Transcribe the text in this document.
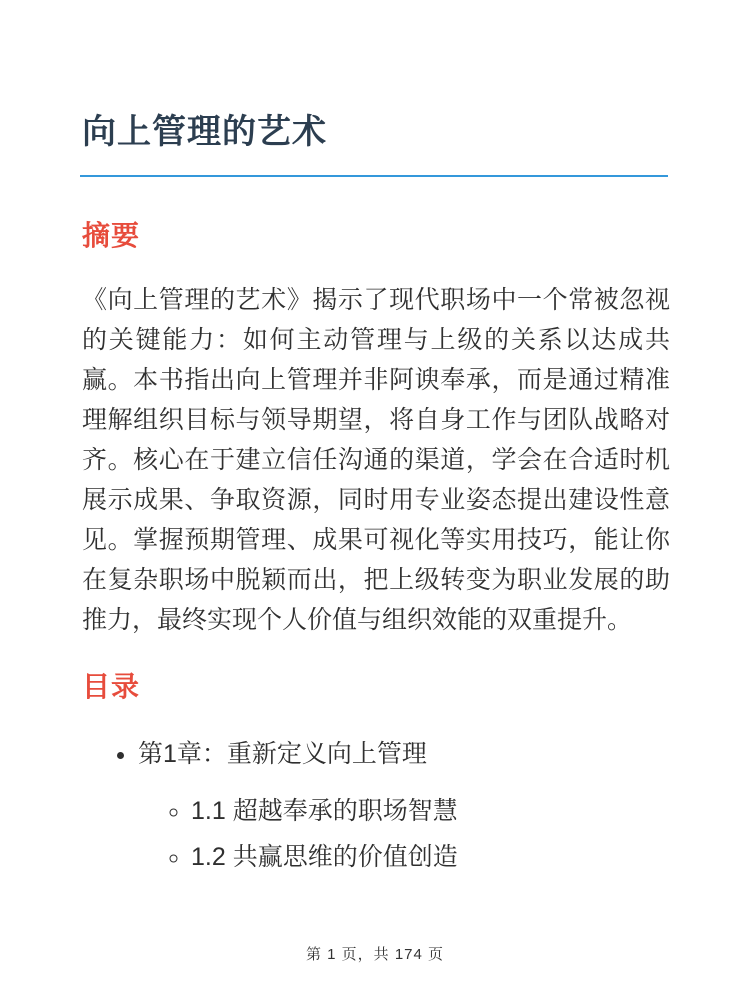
向上管理的艺术
摘要

《向上管理的艺术》揭示了现代职场中一个常被忽视的关键能力：如何主动管理与上级的关系以达成共赢。本书指出向上管理并非阿谀奉承，而是通过精准理解组织目标与领导期望，将自身工作与团队战略对齐。核心在于建立信任沟通的渠道，学会在合适时机展示成果、争取资源，同时用专业姿态提出建设性意见。掌握预期管理、成果可视化等实用技巧，能让你在复杂职场中脱颖而出，把上级转变为职业发展的助推力，最终实现个人价值与组织效能的双重提升。

目录
• 第1章：重新定义向上管理
◦ 1.1 超越奉承的职场智慧
◦ 1.2 共赢思维的价值创造
第 1 页，共 174 页
